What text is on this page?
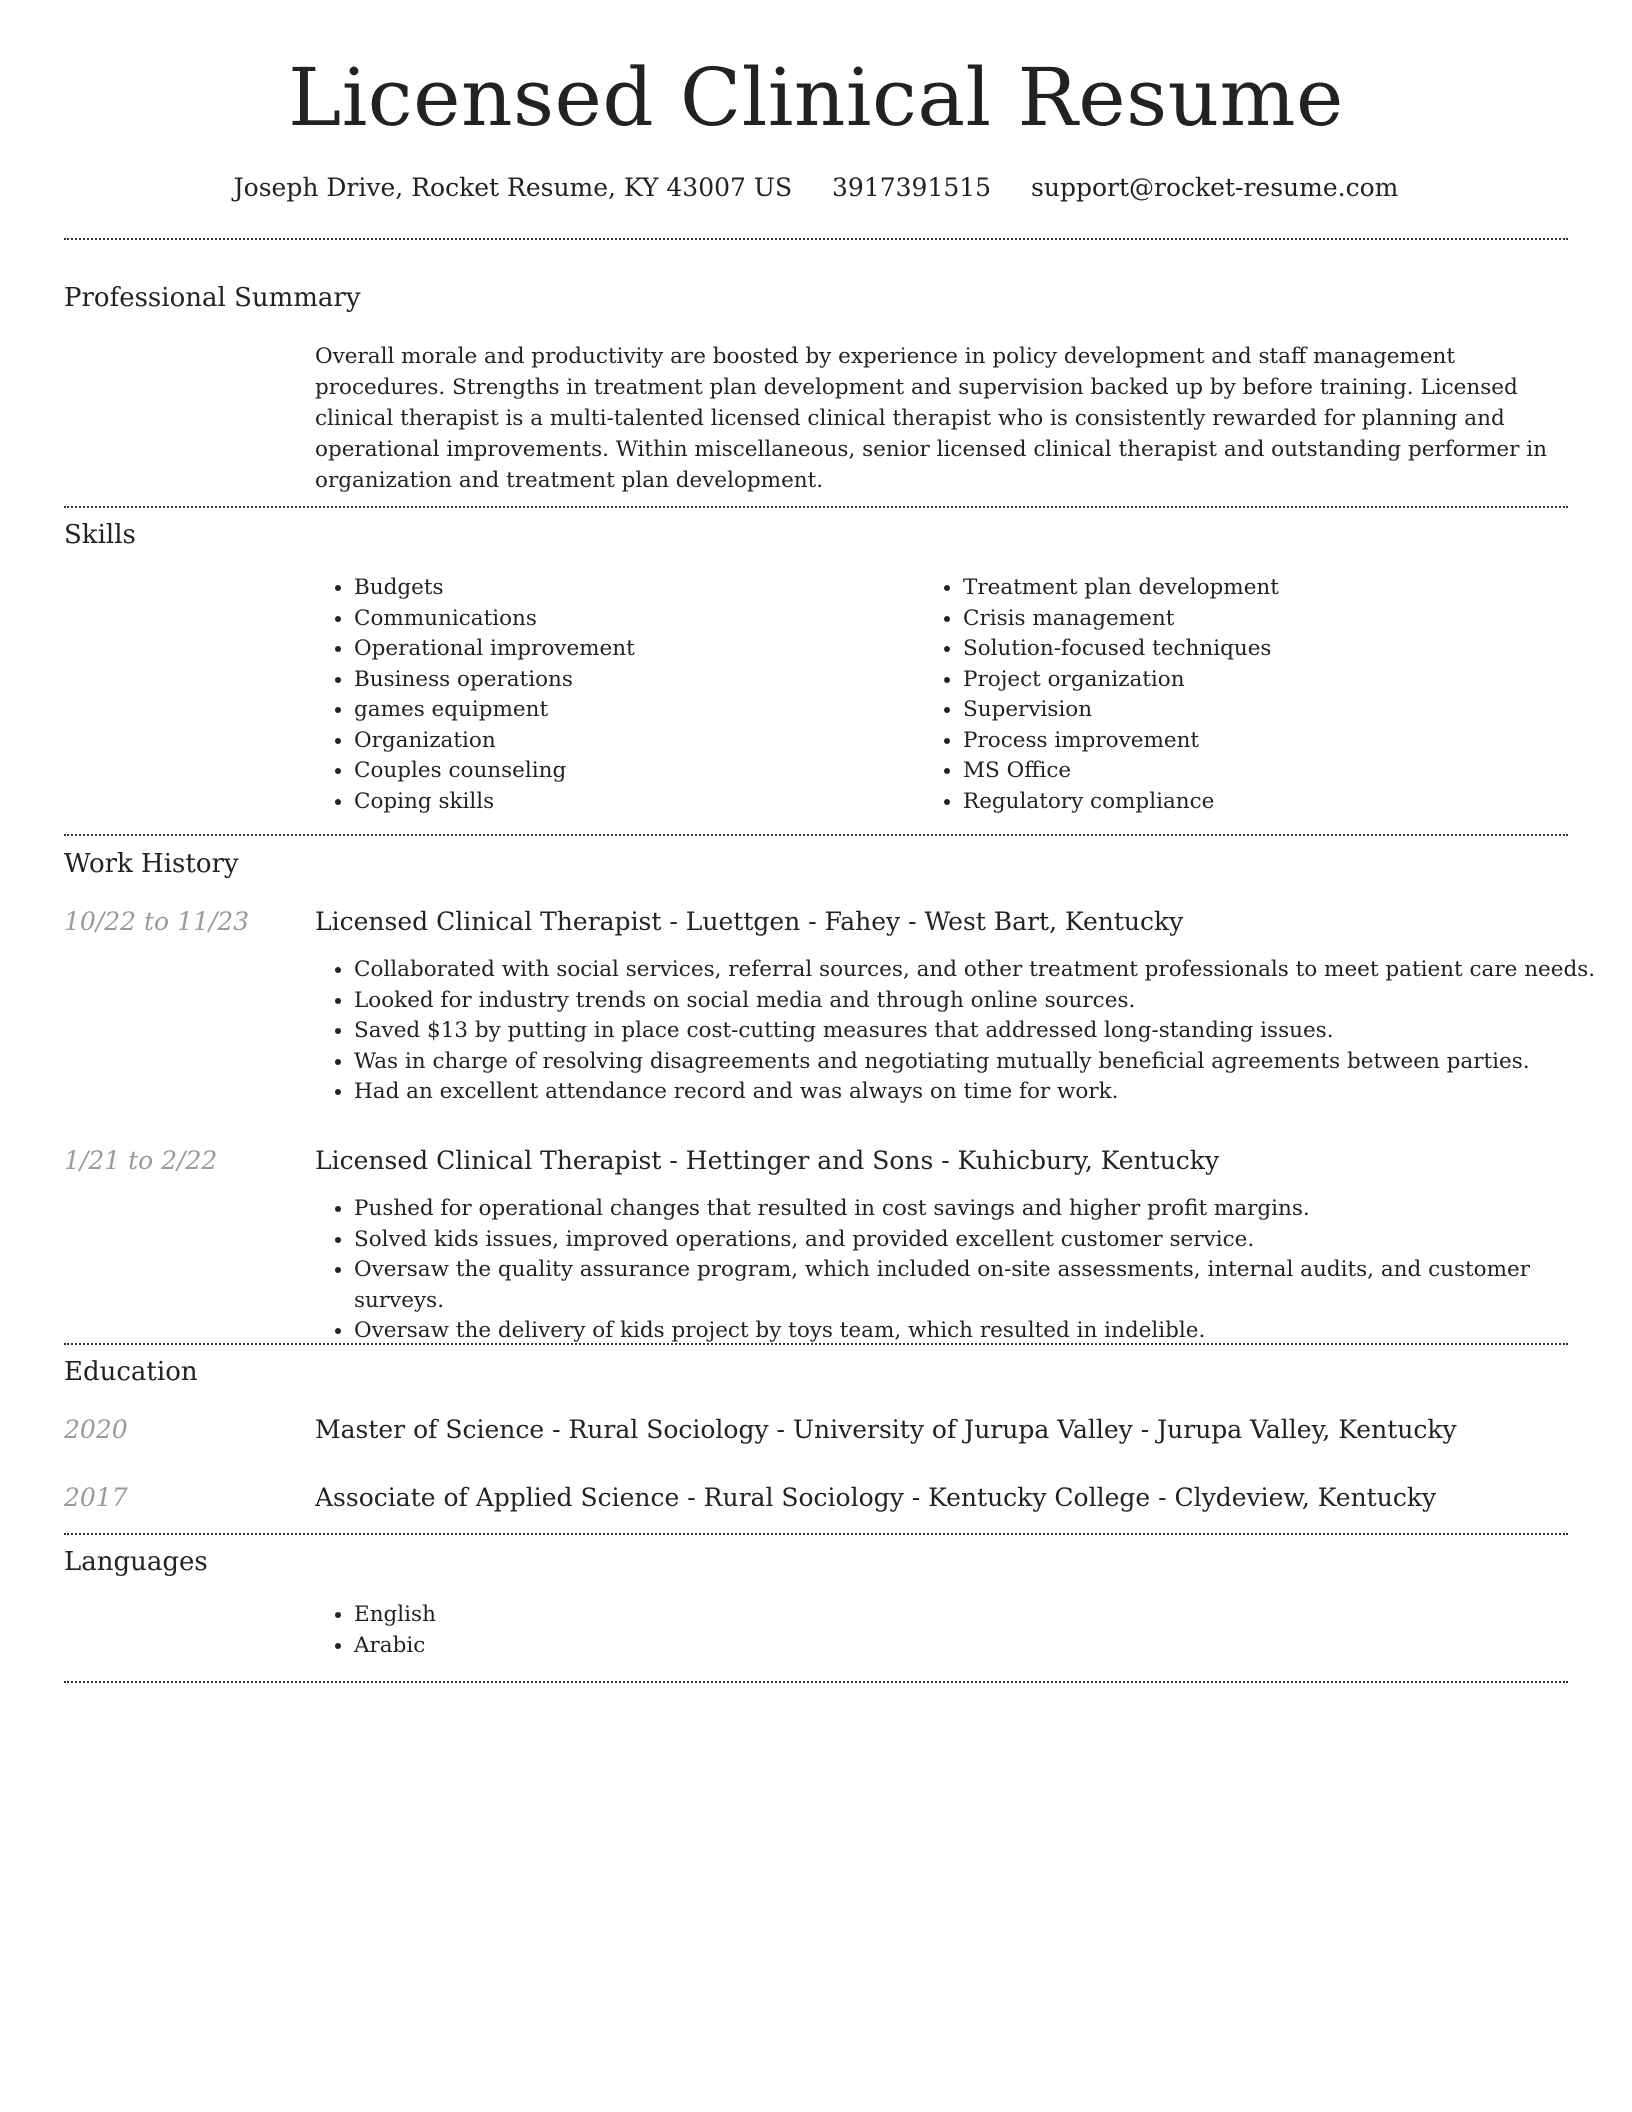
Licensed Clinical Resume
Joseph Drive, Rocket Resume, KY 43007 US 3917391515 support@rocket-resume.com
Professional Summary
Overall morale and productivity are boosted by experience in policy development and staff management procedures. Strengths in treatment plan development and supervision backed up by before training. Licensed clinical therapist is a multi-talented licensed clinical therapist who is consistently rewarded for planning and operational improvements. Within miscellaneous, senior licensed clinical therapist and outstanding performer in organization and treatment plan development.
Skills
• Budgets
• Communications
• Operational improvement
• Business operations
• games equipment
• Organization
• Couples counseling
• Coping skills
• Treatment plan development
• Crisis management
• Solution-focused techniques
• Project organization
• Supervision
• Process improvement
• MS Office
• Regulatory compliance
Work History
10/22 to 11/23	Licensed Clinical Therapist - Luettgen - Fahey - West Bart, Kentucky
• Collaborated with social services, referral sources, and other treatment professionals to meet patient care needs.
• Looked for industry trends on social media and through online sources.
• Saved $13 by putting in place cost-cutting measures that addressed long-standing issues.
• Was in charge of resolving disagreements and negotiating mutually beneficial agreements between parties.
• Had an excellent attendance record and was always on time for work.
1/21 to 2/22	Licensed Clinical Therapist - Hettinger and Sons - Kuhicbury, Kentucky
• Pushed for operational changes that resulted in cost savings and higher profit margins.
• Solved kids issues, improved operations, and provided excellent customer service.
• Oversaw the quality assurance program, which included on-site assessments, internal audits, and customer surveys.
• Oversaw the delivery of kids project by toys team, which resulted in indelible.
Education
2020	Master of Science - Rural Sociology - University of Jurupa Valley - Jurupa Valley, Kentucky
2017	Associate of Applied Science - Rural Sociology - Kentucky College - Clydeview, Kentucky
Languages
• English
• Arabic
